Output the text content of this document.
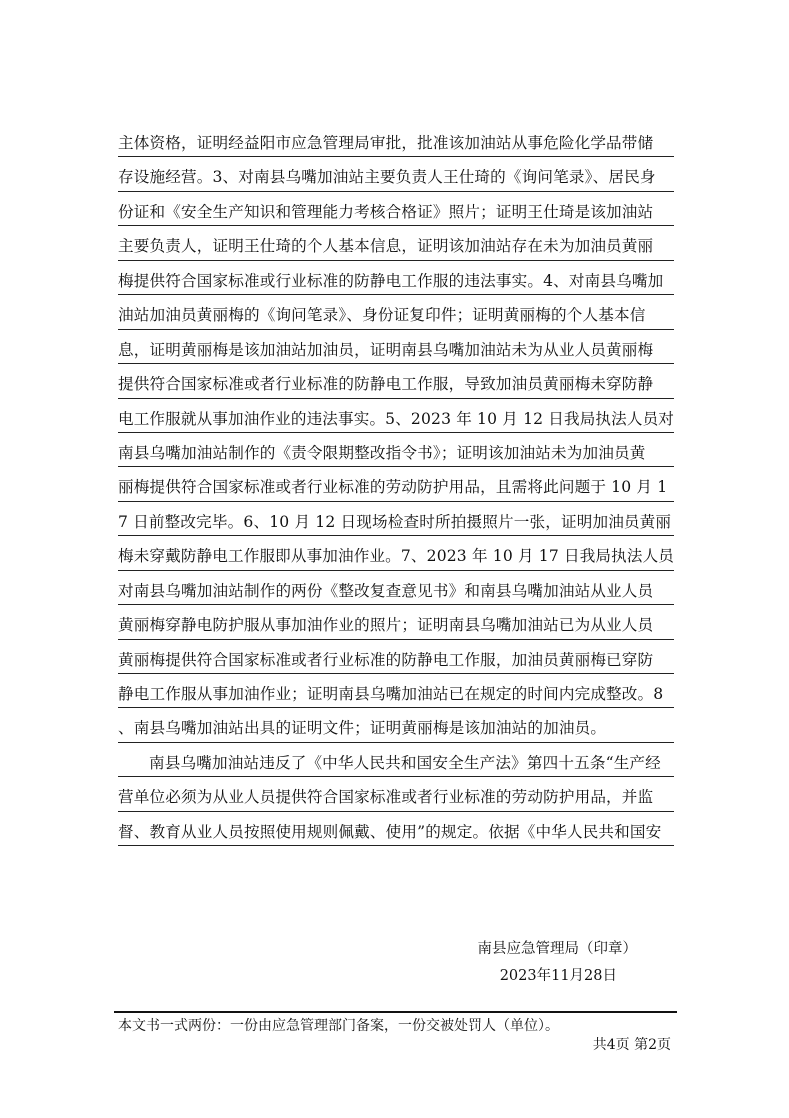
主体资格，证明经益阳市应急管理局审批，批准该加油站从事危险化学品带储
存设施经营。3、对南县乌嘴加油站主要负责人王仕琦的《询问笔录》、居民身
份证和《安全生产知识和管理能力考核合格证》照片；证明王仕琦是该加油站
主要负责人，证明王仕琦的个人基本信息，证明该加油站存在未为加油员黄丽
梅提供符合国家标准或行业标准的防静电工作服的违法事实。4、对南县乌嘴加
油站加油员黄丽梅的《询问笔录》、身份证复印件；证明黄丽梅的个人基本信
息，证明黄丽梅是该加油站加油员，证明南县乌嘴加油站未为从业人员黄丽梅
提供符合国家标准或者行业标准的防静电工作服，导致加油员黄丽梅未穿防静
电工作服就从事加油作业的违法事实。5、2023 年 10 月 12 日我局执法人员对
南县乌嘴加油站制作的《责令限期整改指令书》；证明该加油站未为加油员黄
丽梅提供符合国家标准或者行业标准的劳动防护用品，且需将此问题于 10 月 1
7 日前整改完毕。6、10 月 12 日现场检查时所拍摄照片一张，证明加油员黄丽
梅未穿戴防静电工作服即从事加油作业。7、2023 年 10 月 17 日我局执法人员
对南县乌嘴加油站制作的两份《整改复查意见书》和南县乌嘴加油站从业人员
黄丽梅穿静电防护服从事加油作业的照片；证明南县乌嘴加油站已为从业人员
黄丽梅提供符合国家标准或者行业标准的防静电工作服，加油员黄丽梅已穿防
静电工作服从事加油作业；证明南县乌嘴加油站已在规定的时间内完成整改。8
、南县乌嘴加油站出具的证明文件；证明黄丽梅是该加油站的加油员。
南县乌嘴加油站违反了《中华人民共和国安全生产法》第四十五条“生产经
营单位必须为从业人员提供符合国家标准或者行业标准的劳动防护用品，并监
督、教育从业人员按照使用规则佩戴、使用”的规定。依据《中华人民共和国安
南县应急管理局（印章）
2023年11月28日
本文书一式两份：一份由应急管理部门备案，一份交被处罚人（单位）。
共4页 第2页
